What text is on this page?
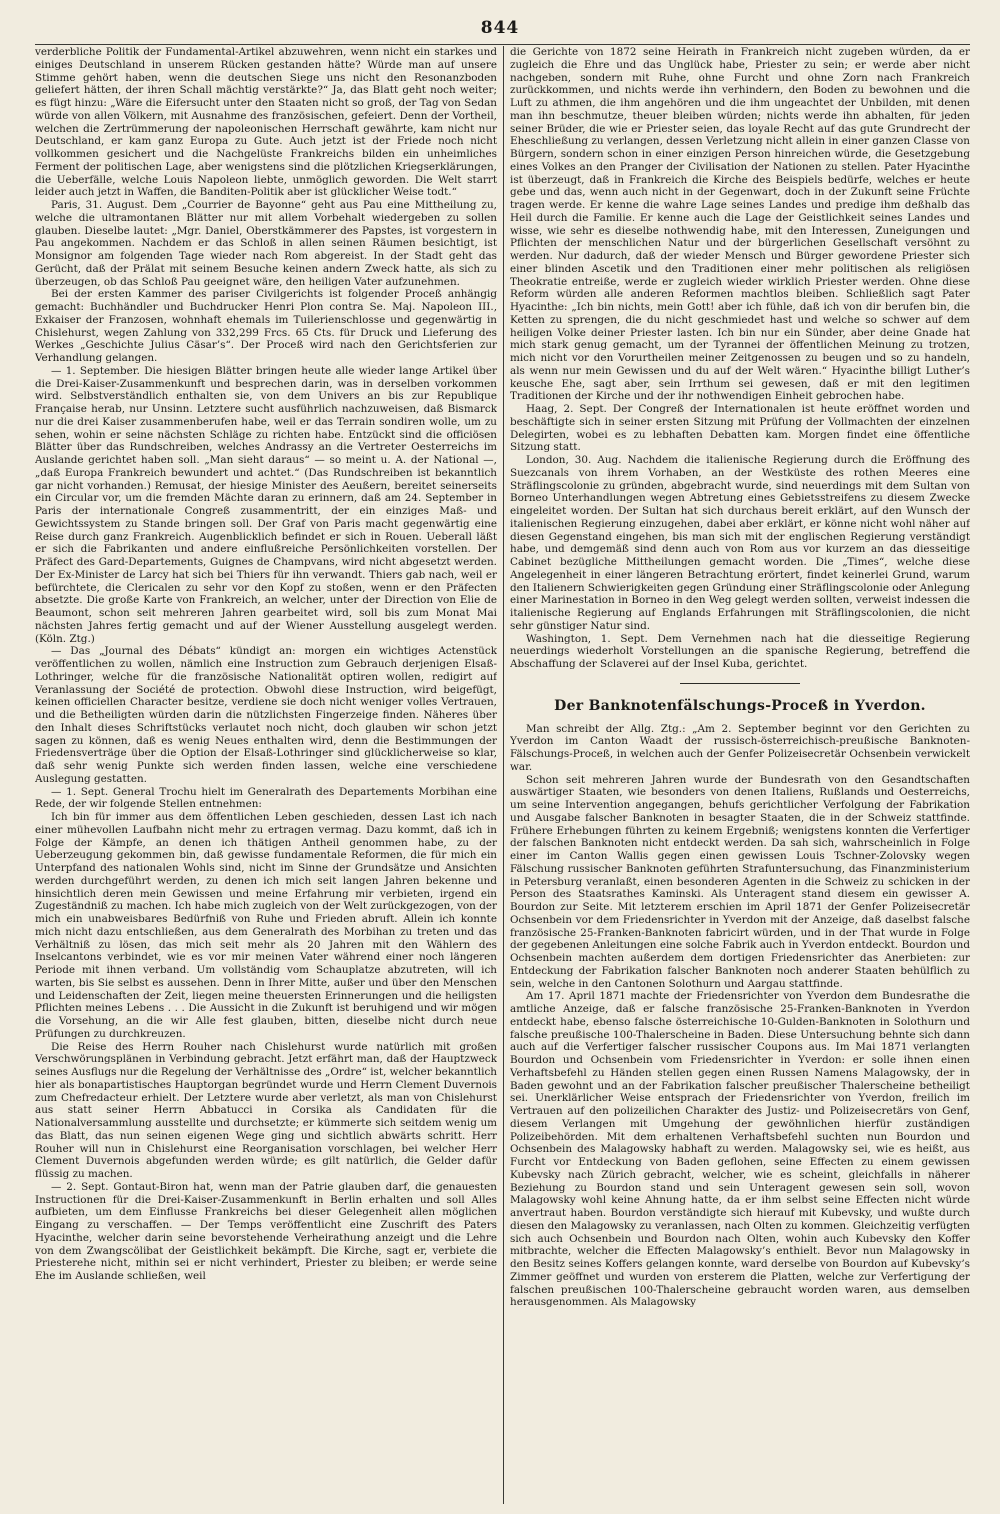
844

verderbliche Politik der Fundamental-Artikel abzuwehren, wenn nicht ein starkes und einiges Deutschland in unserem Rücken gestanden hätte? Würde man auf unsere Stimme gehört haben, wenn die deutschen Siege uns nicht den Resonanzboden geliefert hätten, der ihren Schall mächtig verstärkte?“ Ja, das Blatt geht noch weiter; es fügt hinzu: „Wäre die Eifersucht unter den Staaten nicht so groß, der Tag von Sedan würde von allen Völkern, mit Ausnahme des französischen, gefeiert. Denn der Vortheil, welchen die Zertrümmerung der napoleonischen Herrschaft gewährte, kam nicht nur Deutschland, er kam ganz Europa zu Gute. Auch jetzt ist der Friede noch nicht vollkommen gesichert und die Nachgelüste Frankreichs bilden ein unheimliches Ferment der politischen Lage, aber wenigstens sind die plötzlichen Kriegserklärungen, die Ueberfälle, welche Louis Napoleon liebte, unmöglich geworden. Die Welt starrt leider auch jetzt in Waffen, die Banditen-Politik aber ist glücklicher Weise todt.“

Paris, 31. August. Dem „Courrier de Bayonne“ geht aus Pau eine Mittheilung zu, welche die ultramontanen Blätter nur mit allem Vorbehalt wiedergeben zu sollen glauben. Dieselbe lautet: „Mgr. Daniel, Oberstkämmerer des Papstes, ist vorgestern in Pau angekommen. Nachdem er das Schloß in allen seinen Räumen besichtigt, ist Monsignor am folgenden Tage wieder nach Rom abgereist. In der Stadt geht das Gerücht, daß der Prälat mit seinem Besuche keinen andern Zweck hatte, als sich zu überzeugen, ob das Schloß Pau geeignet wäre, den heiligen Vater aufzunehmen.

Bei der ersten Kammer des pariser Civilgerichts ist folgender Proceß anhängig gemacht: Buchhändler und Buchdrucker Henri Plon contra Se. Maj. Napoleon III., Exkaiser der Franzosen, wohnhaft ehemals im Tuilerienschlosse und gegenwärtig in Chislehurst, wegen Zahlung von 332,299 Frcs. 65 Cts. für Druck und Lieferung des Werkes „Geschichte Julius Cäsar’s“. Der Proceß wird nach den Gerichtsferien zur Verhandlung gelangen.

— 1. September. Die hiesigen Blätter bringen heute alle wieder lange Artikel über die Drei-Kaiser-Zusammenkunft und besprechen darin, was in derselben vorkommen wird. Selbstverständlich enthalten sie, von dem Univers an bis zur Republique Française herab, nur Unsinn. Letztere sucht ausführlich nachzuweisen, daß Bismarck nur die drei Kaiser zusammenberufen habe, weil er das Terrain sondiren wolle, um zu sehen, wohin er seine nächsten Schläge zu richten habe. Entzückt sind die officiösen Blätter über das Rundschreiben, welches Andrassy an die Vertreter Oesterreichs im Auslande gerichtet haben soll. „Man sieht daraus“ — so meint u. A. der National —, „daß Europa Frankreich bewundert und achtet.“ (Das Rundschreiben ist bekanntlich gar nicht vorhanden.) Remusat, der hiesige Minister des Aeußern, bereitet seinerseits ein Circular vor, um die fremden Mächte daran zu erinnern, daß am 24. September in Paris der internationale Congreß zusammentritt, der ein einziges Maß- und Gewichtssystem zu Stande bringen soll. Der Graf von Paris macht gegenwärtig eine Reise durch ganz Frankreich. Augenblicklich befindet er sich in Rouen. Ueberall läßt er sich die Fabrikanten und andere einflußreiche Persönlichkeiten vorstellen. Der Präfect des Gard-Departements, Guignes de Champvans, wird nicht abgesetzt werden. Der Ex-Minister de Larcy hat sich bei Thiers für ihn verwandt. Thiers gab nach, weil er befürchtete, die Clericalen zu sehr vor den Kopf zu stoßen, wenn er den Präfecten absetzte. Die große Karte von Frankreich, an welcher, unter der Direction von Elie de Beaumont, schon seit mehreren Jahren gearbeitet wird, soll bis zum Monat Mai nächsten Jahres fertig gemacht und auf der Wiener Ausstellung ausgelegt werden. (Köln. Ztg.)

— Das „Journal des Débats“ kündigt an: morgen ein wichtiges Actenstück veröffentlichen zu wollen, nämlich eine Instruction zum Gebrauch derjenigen Elsaß-Lothringer, welche für die französische Nationalität optiren wollen, redigirt auf Veranlassung der Société de protection. Obwohl diese Instruction, wird beigefügt, keinen officiellen Character besitze, verdiene sie doch nicht weniger volles Vertrauen, und die Betheiligten würden darin die nützlichsten Fingerzeige finden. Näheres über den Inhalt dieses Schriftstücks verlautet noch nicht, doch glauben wir schon jetzt sagen zu können, daß es wenig Neues enthalten wird, denn die Bestimmungen der Friedensverträge über die Option der Elsaß-Lothringer sind glücklicherweise so klar, daß sehr wenig Punkte sich werden finden lassen, welche eine verschiedene Auslegung gestatten.

— 1. Sept. General Trochu hielt im Generalrath des Departements Morbihan eine Rede, der wir folgende Stellen entnehmen:

Ich bin für immer aus dem öffentlichen Leben geschieden, dessen Last ich nach einer mühevollen Laufbahn nicht mehr zu ertragen vermag. Dazu kommt, daß ich in Folge der Kämpfe, an denen ich thätigen Antheil genommen habe, zu der Ueberzeugung gekommen bin, daß gewisse fundamentale Reformen, die für mich ein Unterpfand des nationalen Wohls sind, nicht im Sinne der Grundsätze und Ansichten werden durchgeführt werden, zu denen ich mich seit langen Jahren bekenne und hinsichtlich deren mein Gewissen und meine Erfahrung mir verbieten, irgend ein Zugeständniß zu machen. Ich habe mich zugleich von der Welt zurückgezogen, von der mich ein unabweisbares Bedürfniß von Ruhe und Frieden abruft. Allein ich konnte mich nicht dazu entschließen, aus dem Generalrath des Morbihan zu treten und das Verhältniß zu lösen, das mich seit mehr als 20 Jahren mit den Wählern des Inselcantons verbindet, wie es vor mir meinen Vater während einer noch längeren Periode mit ihnen verband. Um vollständig vom Schauplatze abzutreten, will ich warten, bis Sie selbst es aussehen. Denn in Ihrer Mitte, außer und über den Menschen und Leidenschaften der Zeit, liegen meine theuersten Erinnerungen und die heiligsten Pflichten meines Lebens . . . Die Aussicht in die Zukunft ist beruhigend und wir mögen die Vorsehung, an die wir Alle fest glauben, bitten, dieselbe nicht durch neue Prüfungen zu durchkreuzen.

Die Reise des Herrn Rouher nach Chislehurst wurde natürlich mit großen Verschwörungsplänen in Verbindung gebracht. Jetzt erfährt man, daß der Hauptzweck seines Ausflugs nur die Regelung der Verhältnisse des „Ordre“ ist, welcher bekanntlich hier als bonapartistisches Hauptorgan begründet wurde und Herrn Clement Duvernois zum Chefredacteur erhielt. Der Letztere wurde aber verletzt, als man von Chislehurst aus statt seiner Herrn Abbatucci in Corsika als Candidaten für die Nationalversammlung ausstellte und durchsetzte; er kümmerte sich seitdem wenig um das Blatt, das nun seinen eigenen Wege ging und sichtlich abwärts schritt. Herr Rouher will nun in Chislehurst eine Reorganisation vorschlagen, bei welcher Herr Clement Duvernois abgefunden werden würde; es gilt natürlich, die Gelder dafür flüssig zu machen.

— 2. Sept. Gontaut-Biron hat, wenn man der Patrie glauben darf, die genauesten Instructionen für die Drei-Kaiser-Zusammenkunft in Berlin erhalten und soll Alles aufbieten, um dem Einflusse Frankreichs bei dieser Gelegenheit allen möglichen Eingang zu verschaffen. — Der Temps veröffentlicht eine Zuschrift des Paters Hyacinthe, welcher darin seine bevorstehende Verheirathung anzeigt und die Lehre von dem Zwangscölibat der Geistlichkeit bekämpft. Die Kirche, sagt er, verbiete die Priesterehe nicht, mithin sei er nicht verhindert, Priester zu bleiben; er werde seine Ehe im Auslande schließen, weil

die Gerichte von 1872 seine Heirath in Frankreich nicht zugeben würden, da er zugleich die Ehre und das Unglück habe, Priester zu sein; er werde aber nicht nachgeben, sondern mit Ruhe, ohne Furcht und ohne Zorn nach Frankreich zurückkommen, und nichts werde ihn verhindern, den Boden zu bewohnen und die Luft zu athmen, die ihm angehören und die ihm ungeachtet der Unbilden, mit denen man ihn beschmutze, theuer bleiben würden; nichts werde ihn abhalten, für jeden seiner Brüder, die wie er Priester seien, das loyale Recht auf das gute Grundrecht der Eheschließung zu verlangen, dessen Verletzung nicht allein in einer ganzen Classe von Bürgern, sondern schon in einer einzigen Person hinreichen würde, die Gesetzgebung eines Volkes an den Pranger der Civilisation der Nationen zu stellen. Pater Hyacinthe ist überzeugt, daß in Frankreich die Kirche des Beispiels bedürfe, welches er heute gebe und das, wenn auch nicht in der Gegenwart, doch in der Zukunft seine Früchte tragen werde. Er kenne die wahre Lage seines Landes und predige ihm deßhalb das Heil durch die Familie. Er kenne auch die Lage der Geistlichkeit seines Landes und wisse, wie sehr es dieselbe nothwendig habe, mit den Interessen, Zuneigungen und Pflichten der menschlichen Natur und der bürgerlichen Gesellschaft versöhnt zu werden. Nur dadurch, daß der wieder Mensch und Bürger gewordene Priester sich einer blinden Ascetik und den Traditionen einer mehr politischen als religiösen Theokratie entreiße, werde er zugleich wieder wirklich Priester werden. Ohne diese Reform würden alle anderen Reformen machtlos bleiben. Schließlich sagt Pater Hyacinthe: „Ich bin nichts, mein Gott! aber ich fühle, daß ich von dir berufen bin, die Ketten zu sprengen, die du nicht geschmiedet hast und welche so schwer auf dem heiligen Volke deiner Priester lasten. Ich bin nur ein Sünder, aber deine Gnade hat mich stark genug gemacht, um der Tyrannei der öffentlichen Meinung zu trotzen, mich nicht vor den Vorurtheilen meiner Zeitgenossen zu beugen und so zu handeln, als wenn nur mein Gewissen und du auf der Welt wären.“ Hyacinthe billigt Luther’s keusche Ehe, sagt aber, sein Irrthum sei gewesen, daß er mit den legitimen Traditionen der Kirche und der ihr nothwendigen Einheit gebrochen habe.

Haag, 2. Sept. Der Congreß der Internationalen ist heute eröffnet worden und beschäftigte sich in seiner ersten Sitzung mit Prüfung der Vollmachten der einzelnen Delegirten, wobei es zu lebhaften Debatten kam. Morgen findet eine öffentliche Sitzung statt.

London, 30. Aug. Nachdem die italienische Regierung durch die Eröffnung des Suezcanals von ihrem Vorhaben, an der Westküste des rothen Meeres eine Sträflingscolonie zu gründen, abgebracht wurde, sind neuerdings mit dem Sultan von Borneo Unterhandlungen wegen Abtretung eines Gebietsstreifens zu diesem Zwecke eingeleitet worden. Der Sultan hat sich durchaus bereit erklärt, auf den Wunsch der italienischen Regierung einzugehen, dabei aber erklärt, er könne nicht wohl näher auf diesen Gegenstand eingehen, bis man sich mit der englischen Regierung verständigt habe, und demgemäß sind denn auch von Rom aus vor kurzem an das diesseitige Cabinet bezügliche Mittheilungen gemacht worden. Die „Times“, welche diese Angelegenheit in einer längeren Betrachtung erörtert, findet keinerlei Grund, warum den Italienern Schwierigkeiten gegen Gründung einer Sträflingscolonie oder Anlegung einer Marinestation in Borneo in den Weg gelegt werden sollten, verweist indessen die italienische Regierung auf Englands Erfahrungen mit Sträflingscolonien, die nicht sehr günstiger Natur sind.

Washington, 1. Sept. Dem Vernehmen nach hat die diesseitige Regierung neuerdings wiederholt Vorstellungen an die spanische Regierung, betreffend die Abschaffung der Sclaverei auf der Insel Kuba, gerichtet.

Der Banknotenfälschungs-Proceß in Yverdon.

Man schreibt der Allg. Ztg.: „Am 2. September beginnt vor den Gerichten zu Yverdon im Canton Waadt der russisch-österreichisch-preußische Banknoten-Fälschungs-Proceß, in welchen auch der Genfer Polizeisecretär Ochsenbein verwickelt war.

Schon seit mehreren Jahren wurde der Bundesrath von den Gesandtschaften auswärtiger Staaten, wie besonders von denen Italiens, Rußlands und Oesterreichs, um seine Intervention angegangen, behufs gerichtlicher Verfolgung der Fabrikation und Ausgabe falscher Banknoten in besagter Staaten, die in der Schweiz stattfinde. Frühere Erhebungen führten zu keinem Ergebniß; wenigstens konnten die Verfertiger der falschen Banknoten nicht entdeckt werden. Da sah sich, wahrscheinlich in Folge einer im Canton Wallis gegen einen gewissen Louis Tschner-Zolovsky wegen Fälschung russischer Banknoten geführten Strafuntersuchung, das Finanzministerium in Petersburg veranlaßt, einen besonderen Agenten in die Schweiz zu schicken in der Person des Staatsrathes Kaminski. Als Unteragent stand diesem ein gewisser A. Bourdon zur Seite. Mit letzterem erschien im April 1871 der Genfer Polizeisecretär Ochsenbein vor dem Friedensrichter in Yverdon mit der Anzeige, daß daselbst falsche französische 25-Franken-Banknoten fabricirt würden, und in der That wurde in Folge der gegebenen Anleitungen eine solche Fabrik auch in Yverdon entdeckt. Bourdon und Ochsenbein machten außerdem dem dortigen Friedensrichter das Anerbieten: zur Entdeckung der Fabrikation falscher Banknoten noch anderer Staaten behülflich zu sein, welche in den Cantonen Solothurn und Aargau stattfinde.

Am 17. April 1871 machte der Friedensrichter von Yverdon dem Bundesrathe die amtliche Anzeige, daß er falsche französische 25-Franken-Banknoten in Yverdon entdeckt habe, ebenso falsche österreichische 10-Gulden-Banknoten in Solothurn und falsche preußische 100-Thalerscheine in Baden. Diese Untersuchung behnte sich dann auch auf die Verfertiger falscher russischer Coupons aus. Im Mai 1871 verlangten Bourdon und Ochsenbein vom Friedensrichter in Yverdon: er solle ihnen einen Verhaftsbefehl zu Händen stellen gegen einen Russen Namens Malagowsky, der in Baden gewohnt und an der Fabrikation falscher preußischer Thalerscheine betheiligt sei. Unerklärlicher Weise entsprach der Friedensrichter von Yverdon, freilich im Vertrauen auf den polizeilichen Charakter des Justiz- und Polizeisecretärs von Genf, diesem Verlangen mit Umgehung der gewöhnlichen hierfür zuständigen Polizeibehörden. Mit dem erhaltenen Verhaftsbefehl suchten nun Bourdon und Ochsenbein des Malagowsky habhaft zu werden. Malagowsky sei, wie es heißt, aus Furcht vor Entdeckung von Baden geflohen, seine Effecten zu einem gewissen Kubevsky nach Zürich gebracht, welcher, wie es scheint, gleichfalls in näherer Beziehung zu Bourdon stand und sein Unteragent gewesen sein soll, wovon Malagowsky wohl keine Ahnung hatte, da er ihm selbst seine Effecten nicht würde anvertraut haben. Bourdon verständigte sich hierauf mit Kubevsky, und wußte durch diesen den Malagowsky zu veranlassen, nach Olten zu kommen. Gleichzeitig verfügten sich auch Ochsenbein und Bourdon nach Olten, wohin auch Kubevsky den Koffer mitbrachte, welcher die Effecten Malagowsky’s enthielt. Bevor nun Malagowsky in den Besitz seines Koffers gelangen konnte, ward derselbe von Bourdon auf Kubevsky’s Zimmer geöffnet und wurden von ersterem die Platten, welche zur Verfertigung der falschen preußischen 100-Thalerscheine gebraucht worden waren, aus demselben herausgenommen. Als Malagowsky
